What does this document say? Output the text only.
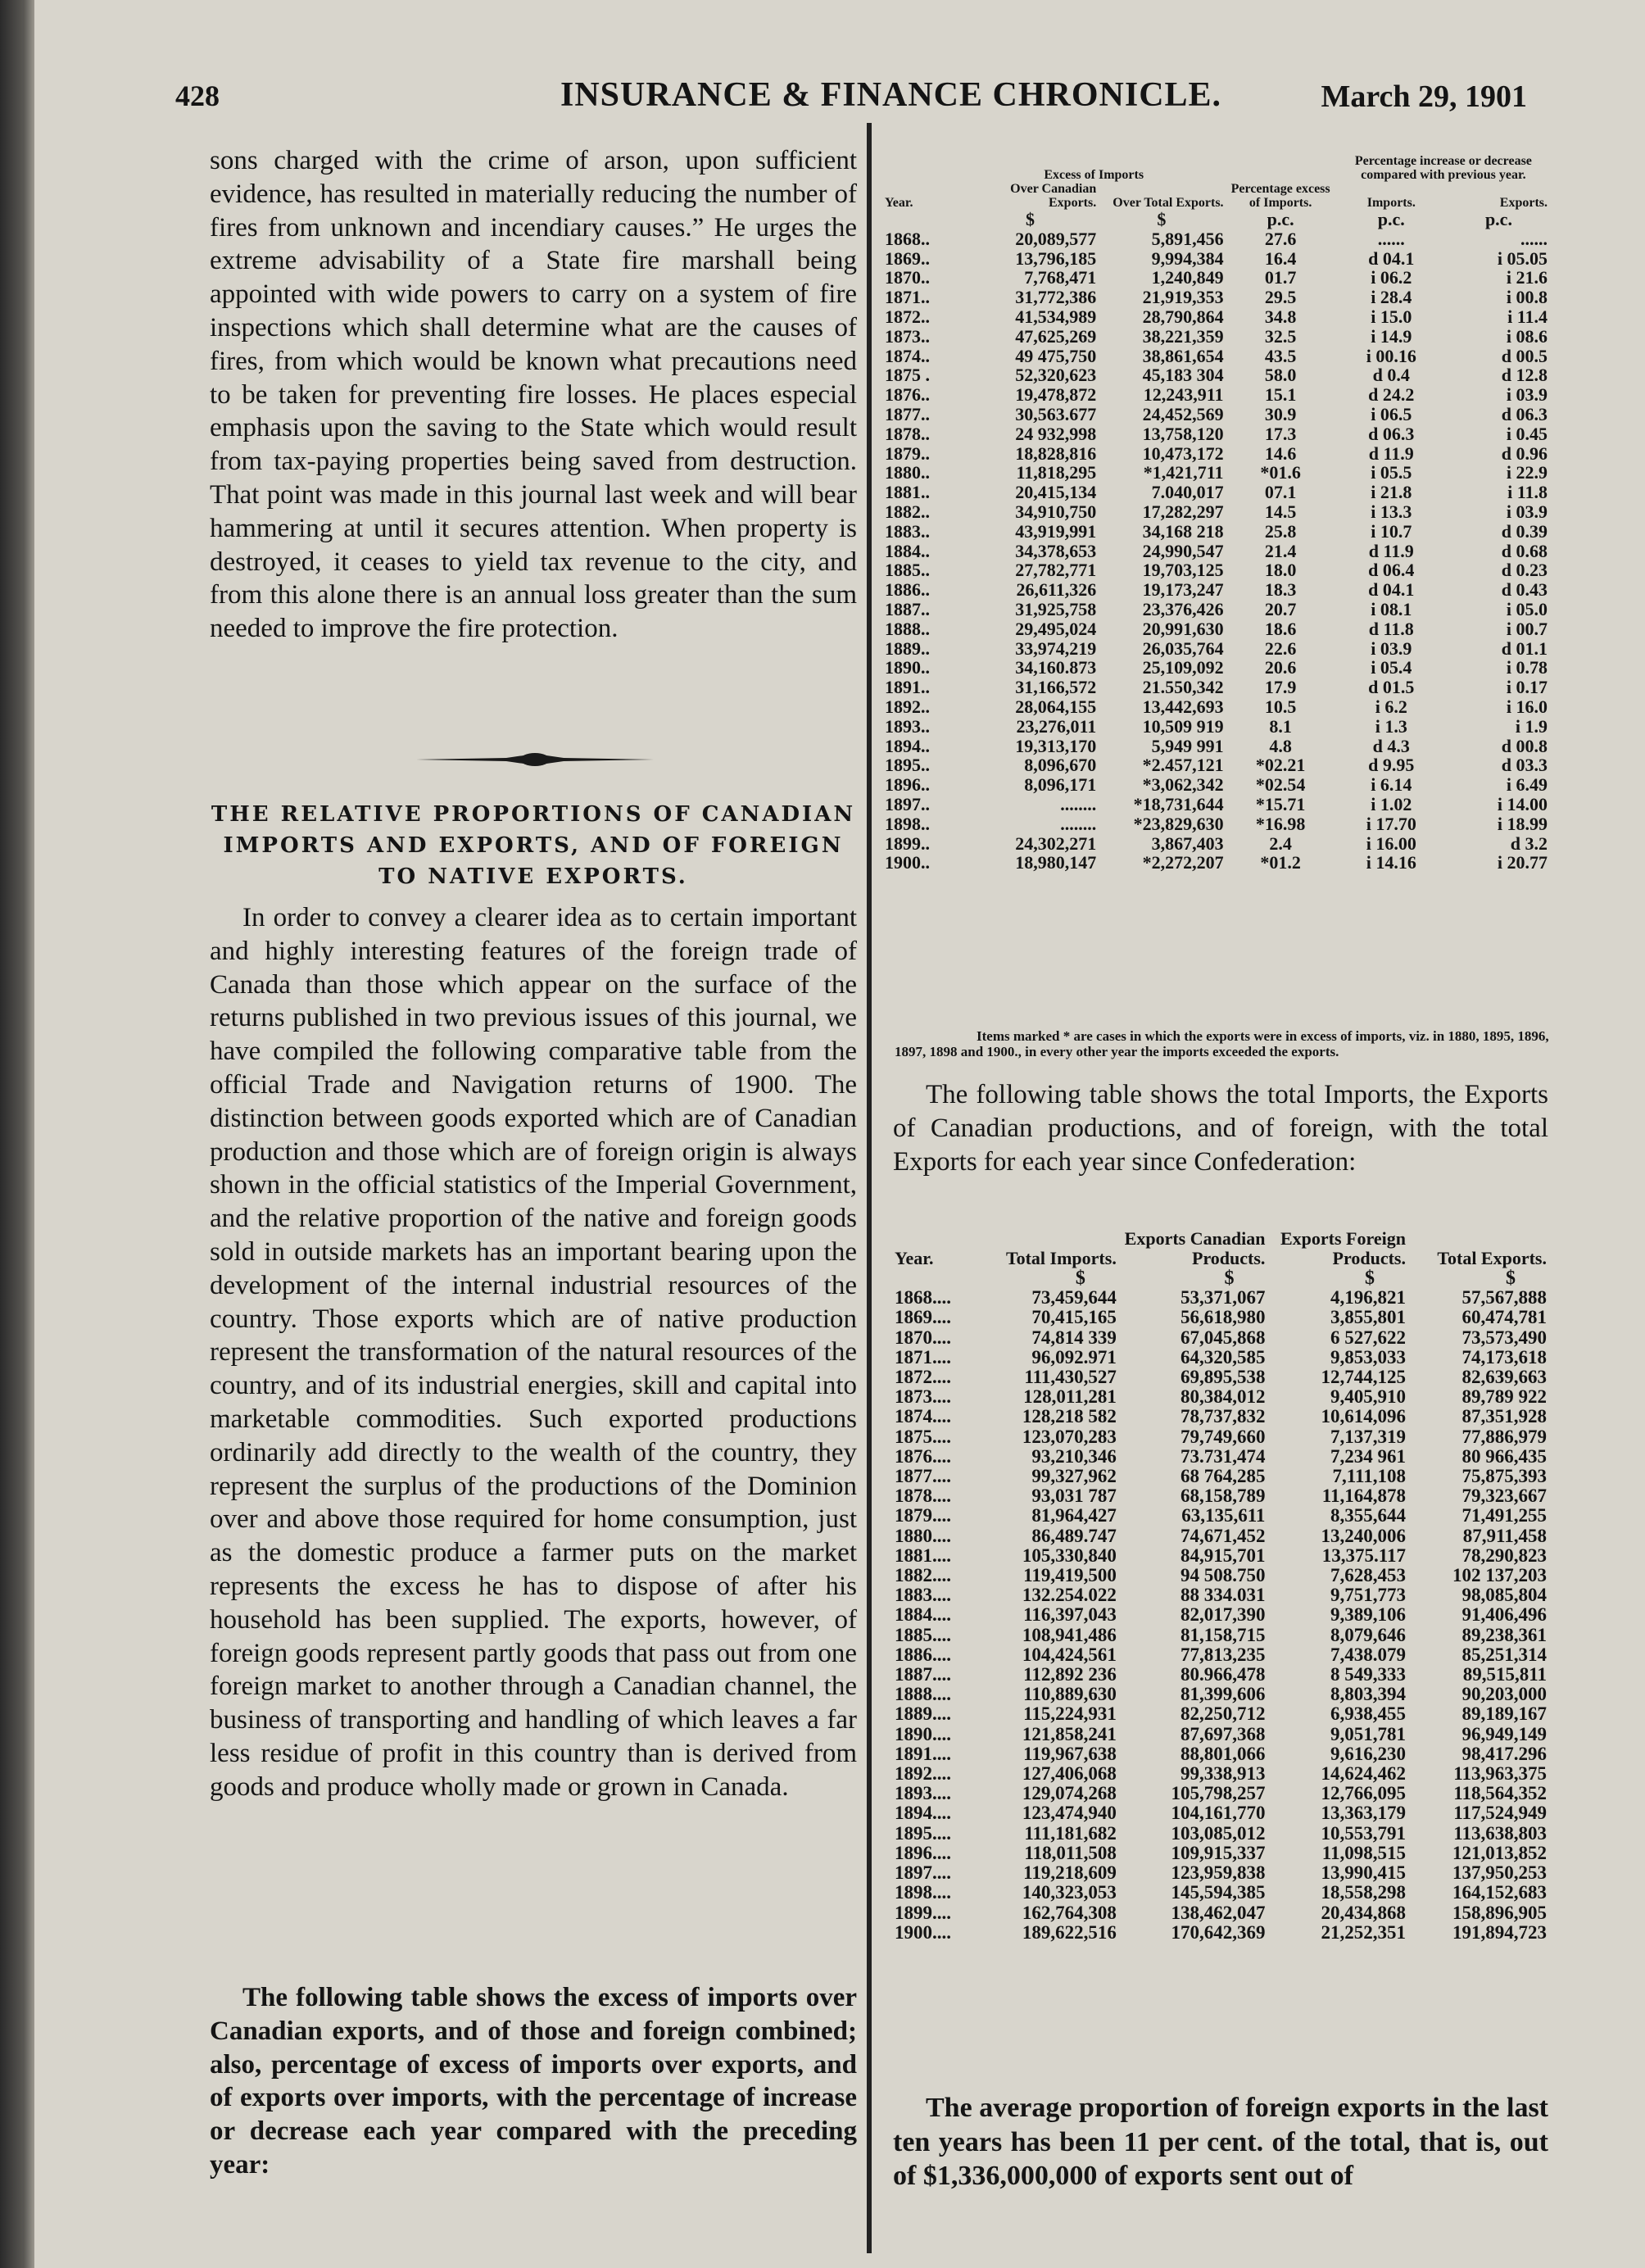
428	INSURANCE & FINANCE CHRONICLE.	March 29, 1901

sons charged with the crime of arson, upon sufficient evidence, has resulted in materially reducing the number of fires from unknown and incendiary causes.” He urges the extreme advisability of a State fire marshall being appointed with wide powers to carry on a system of fire inspections which shall determine what are the causes of fires, from which would be known what precautions need to be taken for preventing fire losses. He places especial emphasis upon the saving to the State which would result from tax-paying properties being saved from destruction. That point was made in this journal last week and will bear hammering at until it secures attention. When property is destroyed, it ceases to yield tax revenue to the city, and from this alone there is an annual loss greater than the sum needed to improve the fire protection.

THE RELATIVE PROPORTIONS OF CANADIAN
IMPORTS AND EXPORTS, AND OF FOREIGN
TO NATIVE EXPORTS.

In order to convey a clearer idea as to certain important and highly interesting features of the foreign trade of Canada than those which appear on the surface of the returns published in two previous issues of this journal, we have compiled the following comparative table from the official Trade and Navigation returns of 1900. The distinction between goods exported which are of Canadian production and those which are of foreign origin is always shown in the official statistics of the Imperial Government, and the relative proportion of the native and foreign goods sold in outside markets has an important bearing upon the development of the internal industrial resources of the country. Those exports which are of native production represent the transformation of the natural resources of the country, and of its industrial energies, skill and capital into marketable commodities. Such exported productions ordinarily add directly to the wealth of the country, they represent the surplus of the productions of the Dominion over and above those required for home consumption, just as the domestic produce a farmer puts on the market represents the excess he has to dispose of after his household has been supplied. The exports, however, of foreign goods represent partly goods that pass out from one foreign market to another through a Canadian channel, the business of transporting and handling of which leaves a far less residue of profit in this country than is derived from goods and produce wholly made or grown in Canada.

The following table shows the excess of imports over Canadian exports, and of those and foreign combined; also, percentage of excess of imports over exports, and of exports over imports, with the percentage of increase or decrease each year compared with the preceding year:

Year.	Excess of Imports		Percentage excess of Imports.	Percentage increase or decrease compared with previous year.	
	Over Canadian Exports.	Over Total Exports.		Imports.	Exports.
	$	$	p.c.	p.c.	p.c.
1868..	20,089,577	5,891,456	27.6	......	......
1869..	13,796,185	9,994,384	16.4	d 04.1	i 05.05
1870..	7,768,471	1,240,849	01.7	i 06.2	i 21.6
1871..	31,772,386	21,919,353	29.5	i 28.4	i 00.8
1872..	41,534,989	28,790,864	34.8	i 15.0	i 11.4
1873..	47,625,269	38,221,359	32.5	i 14.9	i 08.6
1874..	49 475,750	38,861,654	43.5	i 00.16	d 00.5
1875 .	52,320,623	45,183 304	58.0	d 0.4	d 12.8
1876..	19,478,872	12,243,911	15.1	d 24.2	i 03.9
1877..	30,563.677	24,452,569	30.9	i 06.5	d 06.3
1878..	24 932,998	13,758,120	17.3	d 06.3	i 0.45
1879..	18,828,816	10,473,172	14.6	d 11.9	d 0.96
1880..	11,818,295	*1,421,711	*01.6	i 05.5	i 22.9
1881..	20,415,134	7.040,017	07.1	i 21.8	i 11.8
1882..	34,910,750	17,282,297	14.5	i 13.3	i 03.9
1883..	43,919,991	34,168 218	25.8	i 10.7	d 0.39
1884..	34,378,653	24,990,547	21.4	d 11.9	d 0.68
1885..	27,782,771	19,703,125	18.0	d 06.4	d 0.23
1886..	26,611,326	19,173,247	18.3	d 04.1	d 0.43
1887..	31,925,758	23,376,426	20.7	i 08.1	i 05.0
1888..	29,495,024	20,991,630	18.6	d 11.8	i 00.7
1889..	33,974,219	26,035,764	22.6	i 03.9	d 01.1
1890..	34,160.873	25,109,092	20.6	i 05.4	i 0.78
1891..	31,166,572	21.550,342	17.9	d 01.5	i 0.17
1892..	28,064,155	13,442,693	10.5	i 6.2	i 16.0
1893..	23,276,011	10,509 919	8.1	i 1.3	i 1.9
1894..	19,313,170	5,949 991	4.8	d 4.3	d 00.8
1895..	8,096,670	*2.457,121	*02.21	d 9.95	d 03.3
1896..	8,096,171	*3,062,342	*02.54	i 6.14	i 6.49
1897..	........	*18,731,644	*15.71	i 1.02	i 14.00
1898..	........	*23,829,630	*16.98	i 17.70	i 18.99
1899..	24,302,271	3,867,403	2.4	i 16.00	d 3.2
1900..	18,980,147	*2,272,207	*01.2	i 14.16	i 20.77

Items marked * are cases in which the exports were in excess of imports, viz. in 1880, 1895, 1896, 1897, 1898 and 1900., in every other year the imports exceeded the exports.

The following table shows the total Imports, the Exports of Canadian productions, and of foreign, with the total Exports for each year since Confederation:

Year.	Total Imports.	Exports Canadian Products.	Exports Foreign Products.	Total Exports.
	$	$	$	$
1868....	73,459,644	53,371,067	4,196,821	57,567,888
1869....	70,415,165	56,618,980	3,855,801	60,474,781
1870....	74,814 339	67,045,868	6 527,622	73,573,490
1871....	96,092.971	64,320,585	9,853,033	74,173,618
1872....	111,430,527	69,895,538	12,744,125	82,639,663
1873....	128,011,281	80,384,012	9,405,910	89,789 922
1874....	128,218 582	78,737,832	10,614,096	87,351,928
1875....	123,070,283	79,749,660	7,137,319	77,886,979
1876....	93,210,346	73.731,474	7,234 961	80 966,435
1877....	99,327,962	68 764,285	7,111,108	75,875,393
1878....	93,031 787	68,158,789	11,164,878	79,323,667
1879....	81,964,427	63,135,611	8,355,644	71,491,255
1880....	86,489.747	74,671,452	13,240,006	87,911,458
1881....	105,330,840	84,915,701	13,375.117	78,290,823
1882....	119,419,500	94 508.750	7,628,453	102 137,203
1883....	132.254.022	88 334.031	9,751,773	98,085,804
1884....	116,397,043	82,017,390	9,389,106	91,406,496
1885....	108,941,486	81,158,715	8,079,646	89,238,361
1886....	104,424,561	77,813,235	7,438.079	85,251,314
1887....	112,892 236	80.966,478	8 549,333	89,515,811
1888....	110,889,630	81,399,606	8,803,394	90,203,000
1889....	115,224,931	82,250,712	6,938,455	89,189,167
1890....	121,858,241	87,697,368	9,051,781	96,949,149
1891....	119,967,638	88,801,066	9,616,230	98,417.296
1892....	127,406,068	99,338,913	14,624,462	113,963,375
1893....	129,074,268	105,798,257	12,766,095	118,564,352
1894....	123,474,940	104,161,770	13,363,179	117,524,949
1895....	111,181,682	103,085,012	10,553,791	113,638,803
1896....	118,011,508	109,915,337	11,098,515	121,013,852
1897....	119,218,609	123,959,838	13,990,415	137,950,253
1898....	140,323,053	145,594,385	18,558,298	164,152,683
1899....	162,764,308	138,462,047	20,434,868	158,896,905
1900....	189,622,516	170,642,369	21,252,351	191,894,723

The average proportion of foreign exports in the last ten years has been 11 per cent. of the total, that is, out of $1,336,000,000 of exports sent out of
